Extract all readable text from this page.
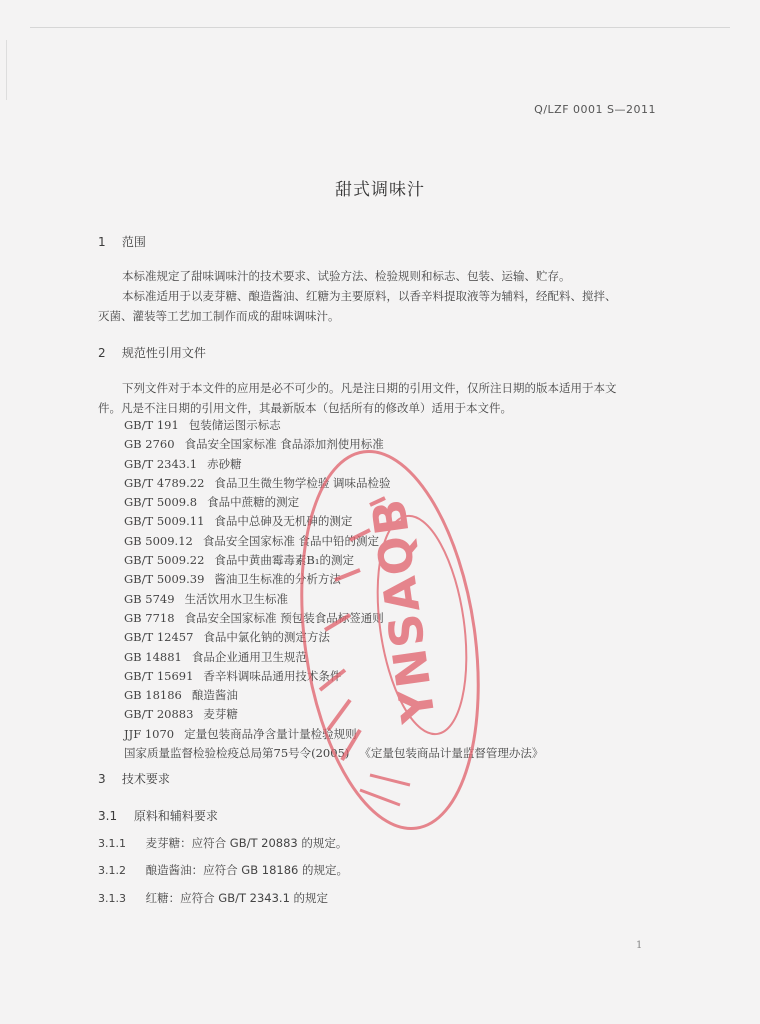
Q/LZF 0001 S—2011
甜式调味汁
1 范围
本标准规定了甜味调味汁的技术要求、试验方法、检验规则和标志、包装、运输、贮存。
本标准适用于以麦芽糖、酿造酱油、红糖为主要原料，以香辛料提取液等为辅料，经配料、搅拌、
灭菌、灌装等工艺加工制作而成的甜味调味汁。
2 规范性引用文件
下列文件对于本文件的应用是必不可少的。凡是注日期的引用文件，仅所注日期的版本适用于本文
件。凡是不注日期的引用文件，其最新版本（包括所有的修改单）适用于本文件。
GB/T 191 包装储运图示标志
GB 2760 食品安全国家标准 食品添加剂使用标准
GB/T 2343.1 赤砂糖
GB/T 4789.22 食品卫生微生物学检验 调味品检验
GB/T 5009.8 食品中蔗糖的测定
GB/T 5009.11 食品中总砷及无机砷的测定
GB 5009.12 食品安全国家标准 食品中铅的测定
GB/T 5009.22 食品中黄曲霉毒素B₁的测定
GB/T 5009.39 酱油卫生标准的分析方法
GB 5749 生活饮用水卫生标准
GB 7718 食品安全国家标准 预包装食品标签通则
GB/T 12457 食品中氯化钠的测定方法
GB 14881 食品企业通用卫生规范
GB/T 15691 香辛料调味品通用技术条件
GB 18186 酿造酱油
GB/T 20883 麦芽糖
JJF 1070 定量包装商品净含量计量检验规则
国家质量监督检验检疫总局第75号令(2005) 《定量包装商品计量监督管理办法》
3 技术要求
3.1 原料和辅料要求
3.1.1 麦芽糖：应符合 GB/T 20883 的规定。
3.1.2 酿造酱油：应符合 GB 18186 的规定。
3.1.3 红糖：应符合 GB/T 2343.1 的规定
1
YNSAQB
